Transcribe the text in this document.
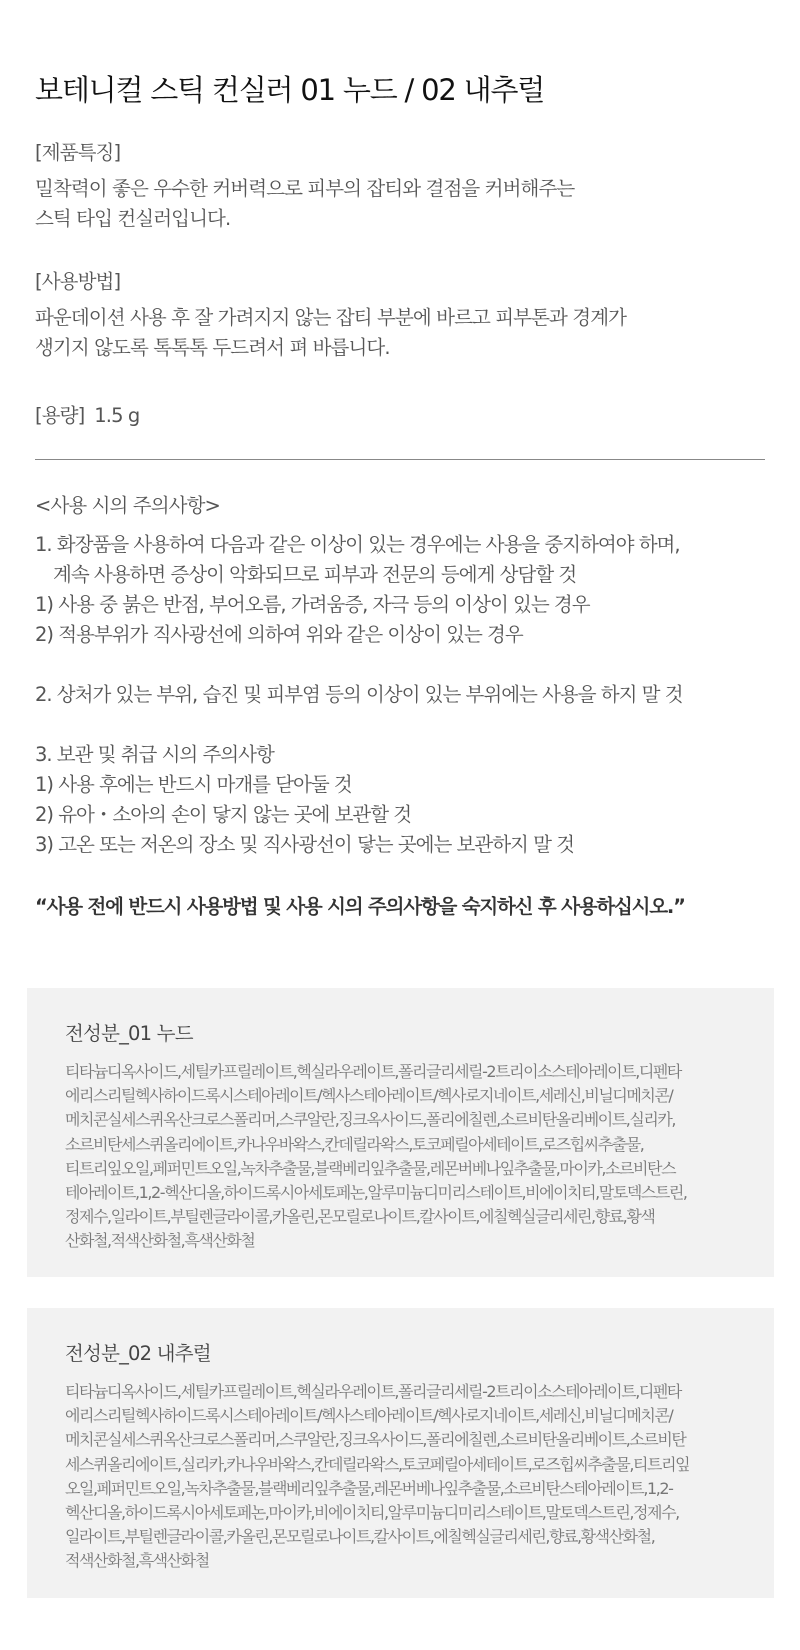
보테니컬 스틱 컨실러 01 누드 / 02 내추럴
[제품특징]
밀착력이 좋은 우수한 커버력으로 피부의 잡티와 결점을 커버해주는
스틱 타입 컨실러입니다.
[사용방법]
파운데이션 사용 후 잘 가려지지 않는 잡티 부분에 바르고 피부톤과 경계가
생기지 않도록 톡톡톡 두드려서 펴 바릅니다.
[용량] 1.5 g
<사용 시의 주의사항>
1. 화장품을 사용하여 다음과 같은 이상이 있는 경우에는 사용을 중지하여야 하며,
계속 사용하면 증상이 악화되므로 피부과 전문의 등에게 상담할 것
1) 사용 중 붉은 반점, 부어오름, 가려움증, 자극 등의 이상이 있는 경우
2) 적용부위가 직사광선에 의하여 위와 같은 이상이 있는 경우
2. 상처가 있는 부위, 습진 및 피부염 등의 이상이 있는 부위에는 사용을 하지 말 것
3. 보관 및 취급 시의 주의사항
1) 사용 후에는 반드시 마개를 닫아둘 것
2) 유아・소아의 손이 닿지 않는 곳에 보관할 것
3) 고온 또는 저온의 장소 및 직사광선이 닿는 곳에는 보관하지 말 것
“사용 전에 반드시 사용방법 및 사용 시의 주의사항을 숙지하신 후 사용하십시오.”
전성분_01 누드
티타늄디옥사이드,세틸카프릴레이트,헥실라우레이트,폴리글리세릴-2트리이소스테아레이트,디펜타
에리스리틸헥사하이드록시스테아레이트/헥사스테아레이트/헥사로지네이트,세레신,비닐디메치콘/
메치콘실세스퀴옥산크로스폴리머,스쿠알란,징크옥사이드,폴리에칠렌,소르비탄올리베이트,실리카,
소르비탄세스퀴올리에이트,카나우바왁스,칸데릴라왁스,토코페릴아세테이트,로즈힙씨추출물,
티트리잎오일,페퍼민트오일,녹차추출물,블랙베리잎추출물,레몬버베나잎추출물,마이카,소르비탄스
테아레이트,1,2-헥산디올,하이드록시아세토페논,알루미늄디미리스테이트,비에이치티,말토덱스트린,
정제수,일라이트,부틸렌글라이콜,카올린,몬모릴로나이트,칼사이트,에칠헥실글리세린,향료,황색
산화철,적색산화철,흑색산화철
전성분_02 내추럴
티타늄디옥사이드,세틸카프릴레이트,헥실라우레이트,폴리글리세릴-2트리이소스테아레이트,디펜타
에리스리틸헥사하이드록시스테아레이트/헥사스테아레이트/헥사로지네이트,세레신,비닐디메치콘/
메치콘실세스퀴옥산크로스폴리머,스쿠알란,징크옥사이드,폴리에칠렌,소르비탄올리베이트,소르비탄
세스퀴올리에이트,실리카,카나우바왁스,칸데릴라왁스,토코페릴아세테이트,로즈힙씨추출물,티트리잎
오일,페퍼민트오일,녹차추출물,블랙베리잎추출물,레몬버베나잎추출물,소르비탄스테아레이트,1,2-
헥산디올,하이드록시아세토페논,마이카,비에이치티,알루미늄디미리스테이트,말토덱스트린,정제수,
일라이트,부틸렌글라이콜,카올린,몬모릴로나이트,칼사이트,에칠헥실글리세린,향료,황색산화철,
적색산화철,흑색산화철
